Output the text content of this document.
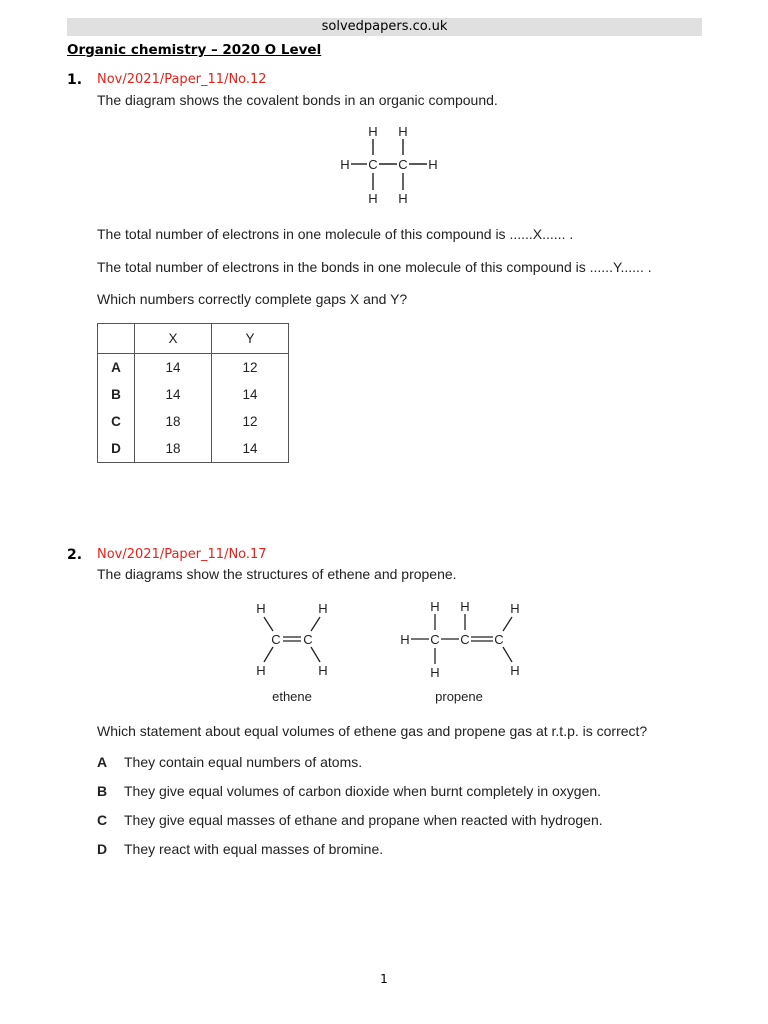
solvedpapers.co.uk
Organic chemistry – 2020 O Level
1. Nov/2021/Paper_11/No.12
The diagram shows the covalent bonds in an organic compound.
H H
H C C H
H H
The total number of electrons in one molecule of this compound is ......X...... .
The total number of electrons in the bonds in one molecule of this compound is ......Y...... .
Which numbers correctly complete gaps X and Y?
	X	Y
A	14	12
B	14	14
C	18	12
D	18	14
2. Nov/2021/Paper_11/No.17
The diagrams show the structures of ethene and propene.
H	H
C C
H	H
ethene
H H	H
H C C C
H	H
propene
Which statement about equal volumes of ethene gas and propene gas at r.t.p. is correct?
A They contain equal numbers of atoms.
B They give equal volumes of carbon dioxide when burnt completely in oxygen.
C They give equal masses of ethane and propane when reacted with hydrogen.
D They react with equal masses of bromine.
1
